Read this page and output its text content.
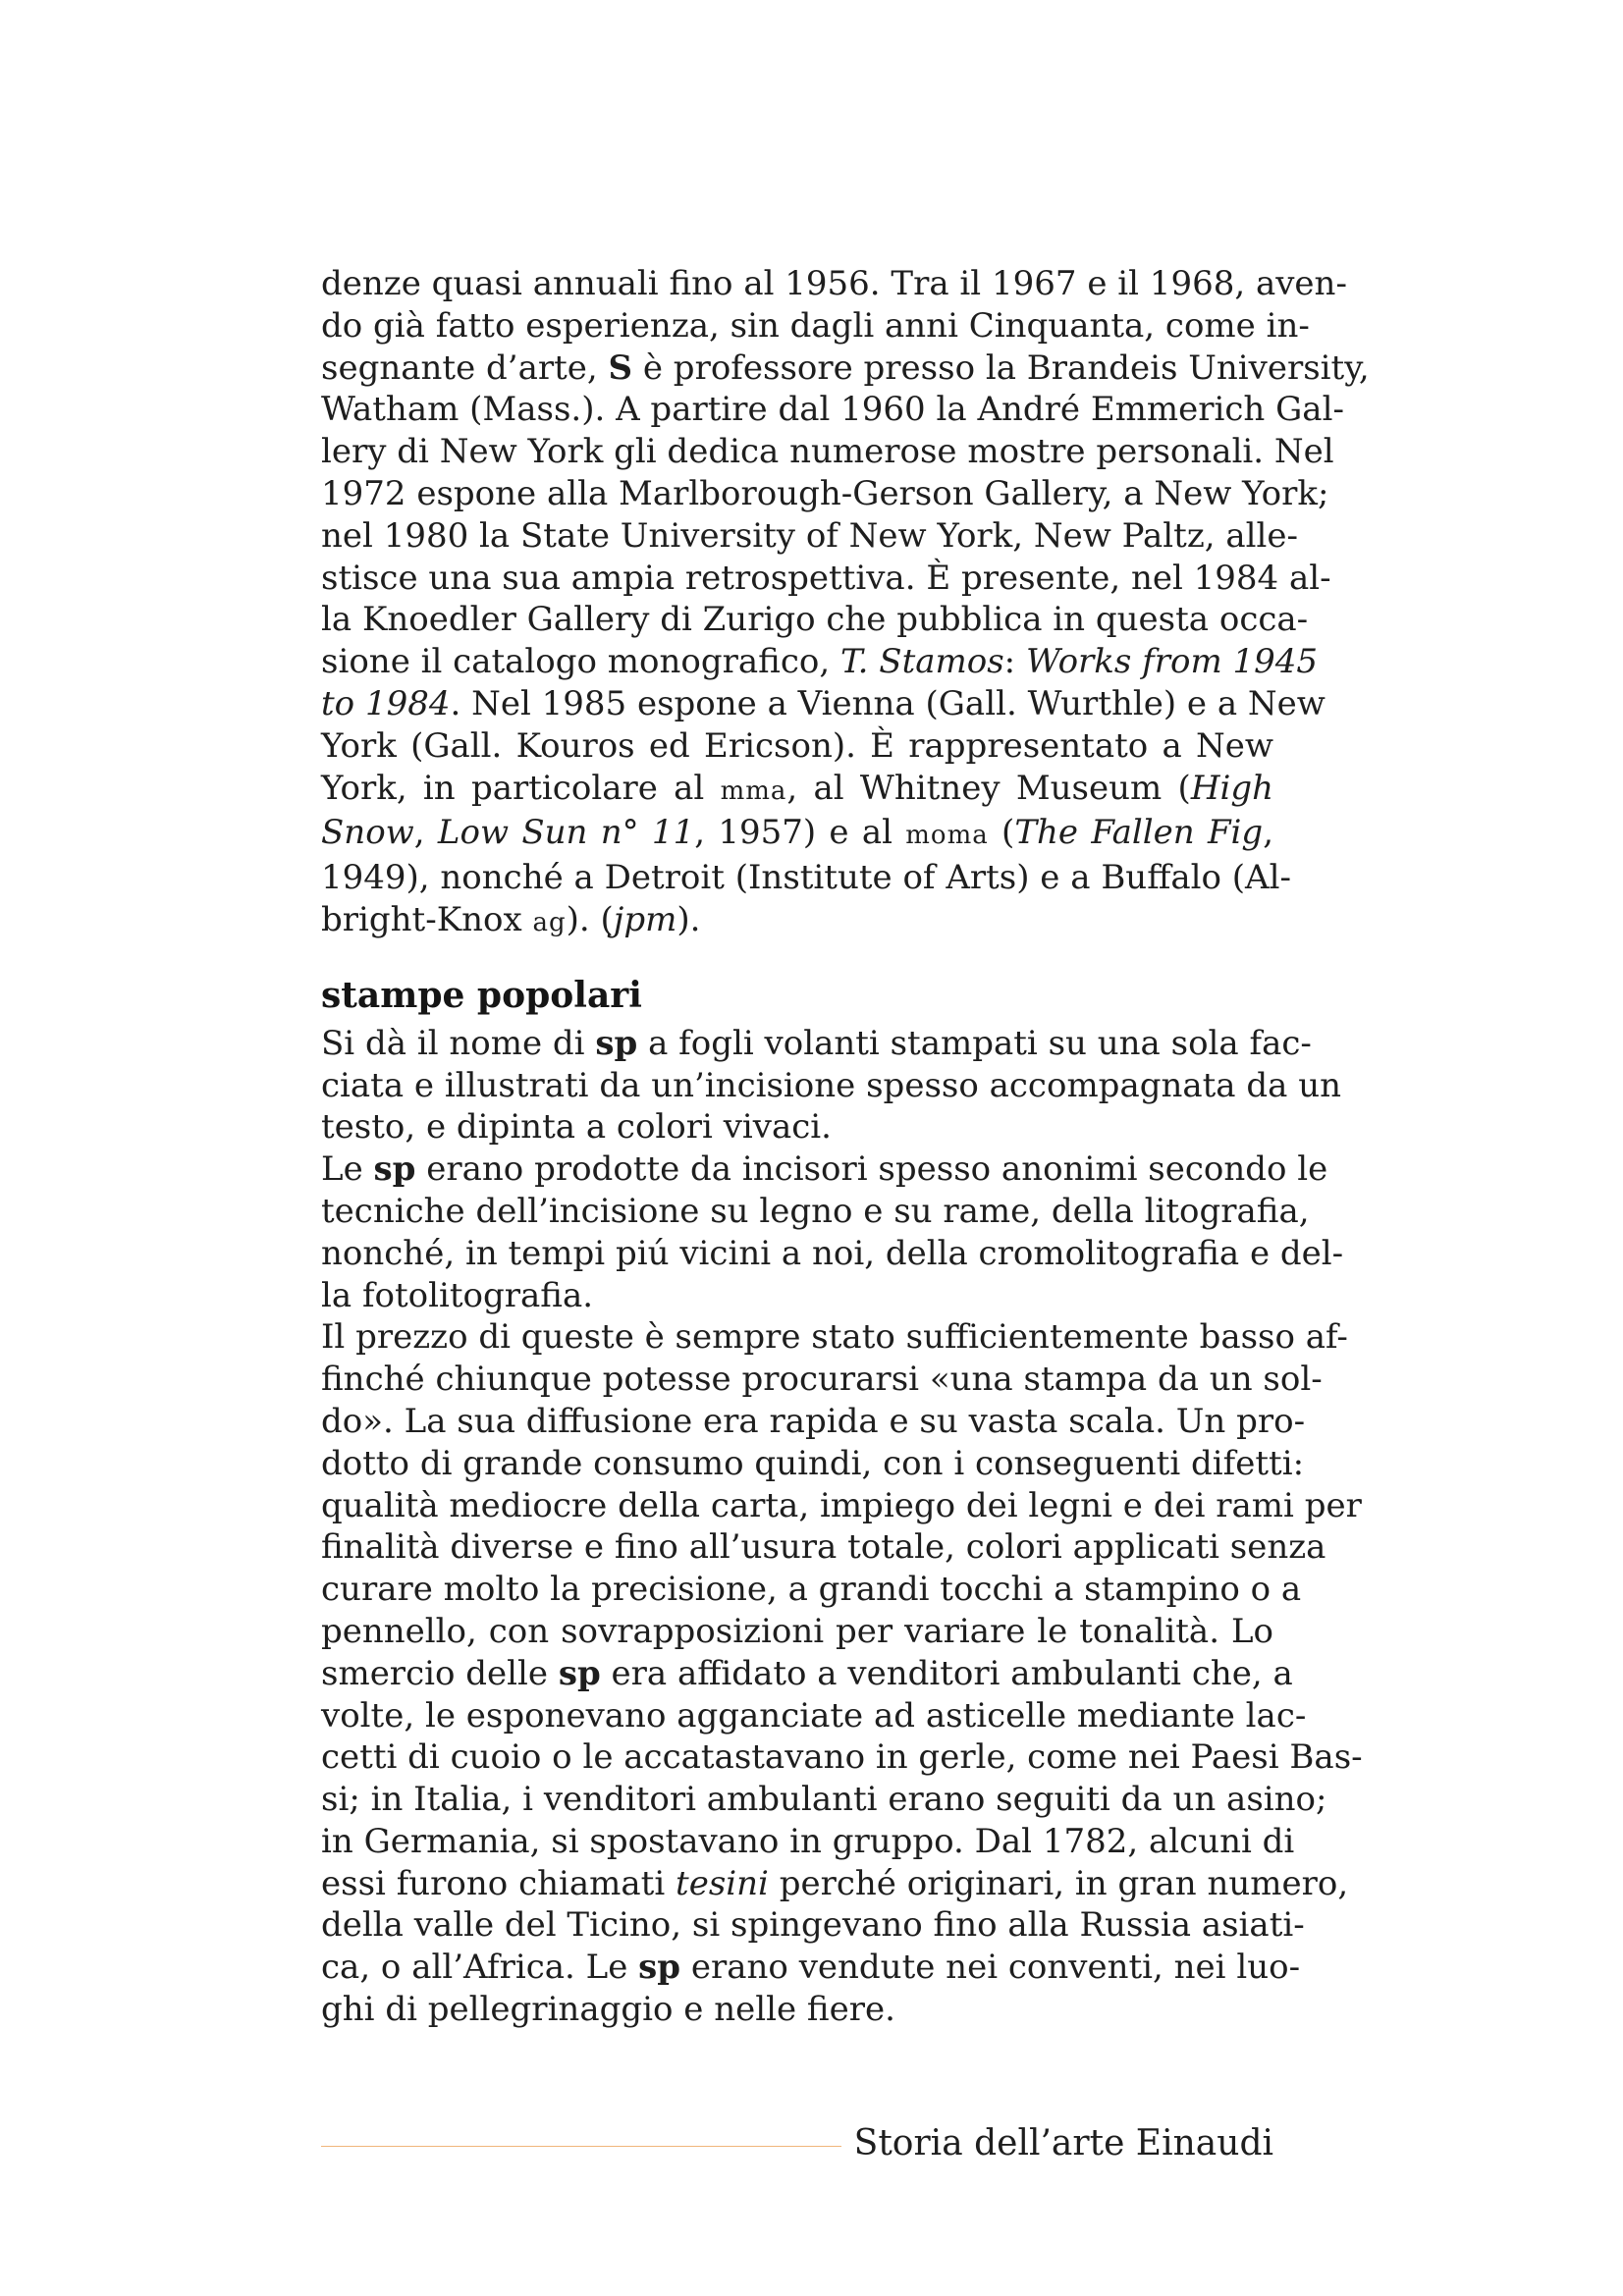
denze quasi annuali fino al 1956. Tra il 1967 e il 1968, aven-
do già fatto esperienza, sin dagli anni Cinquanta, come in-
segnante d’arte, S è professore presso la Brandeis University,
Watham (Mass.). A partire dal 1960 la André Emmerich Gal-
lery di New York gli dedica numerose mostre personali. Nel
1972 espone alla Marlborough-Gerson Gallery, a New York;
nel 1980 la State University of New York, New Paltz, alle-
stisce una sua ampia retrospettiva. È presente, nel 1984 al-
la Knoedler Gallery di Zurigo che pubblica in questa occa-
sione il catalogo monografico, T. Stamos: Works from 1945
to 1984. Nel 1985 espone a Vienna (Gall. Wurthle) e a New
York (Gall. Kouros ed Ericson). È rappresentato a New
York, in particolare al mma, al Whitney Museum (High
Snow, Low Sun n° 11, 1957) e al moma (The Fallen Fig,
1949), nonché a Detroit (Institute of Arts) e a Buffalo (Al-
bright-Knox ag). (jpm).

stampe popolari

Si dà il nome di sp a fogli volanti stampati su una sola fac-
ciata e illustrati da un’incisione spesso accompagnata da un
testo, e dipinta a colori vivaci.

Le sp erano prodotte da incisori spesso anonimi secondo le
tecniche dell’incisione su legno e su rame, della litografia,
nonché, in tempi piú vicini a noi, della cromolitografia e del-
la fotolitografia.

Il prezzo di queste è sempre stato sufficientemente basso af-
finché chiunque potesse procurarsi «una stampa da un sol-
do». La sua diffusione era rapida e su vasta scala. Un pro-
dotto di grande consumo quindi, con i conseguenti difetti:
qualità mediocre della carta, impiego dei legni e dei rami per
finalità diverse e fino all’usura totale, colori applicati senza
curare molto la precisione, a grandi tocchi a stampino o a
pennello, con sovrapposizioni per variare le tonalità. Lo
smercio delle sp era affidato a venditori ambulanti che, a
volte, le esponevano agganciate ad asticelle mediante lac-
cetti di cuoio o le accatastavano in gerle, come nei Paesi Bas-
si; in Italia, i venditori ambulanti erano seguiti da un asino;
in Germania, si spostavano in gruppo. Dal 1782, alcuni di
essi furono chiamati tesini perché originari, in gran numero,
della valle del Ticino, si spingevano fino alla Russia asiati-
ca, o all’Africa. Le sp erano vendute nei conventi, nei luo-
ghi di pellegrinaggio e nelle fiere.

Storia dell’arte Einaudi
